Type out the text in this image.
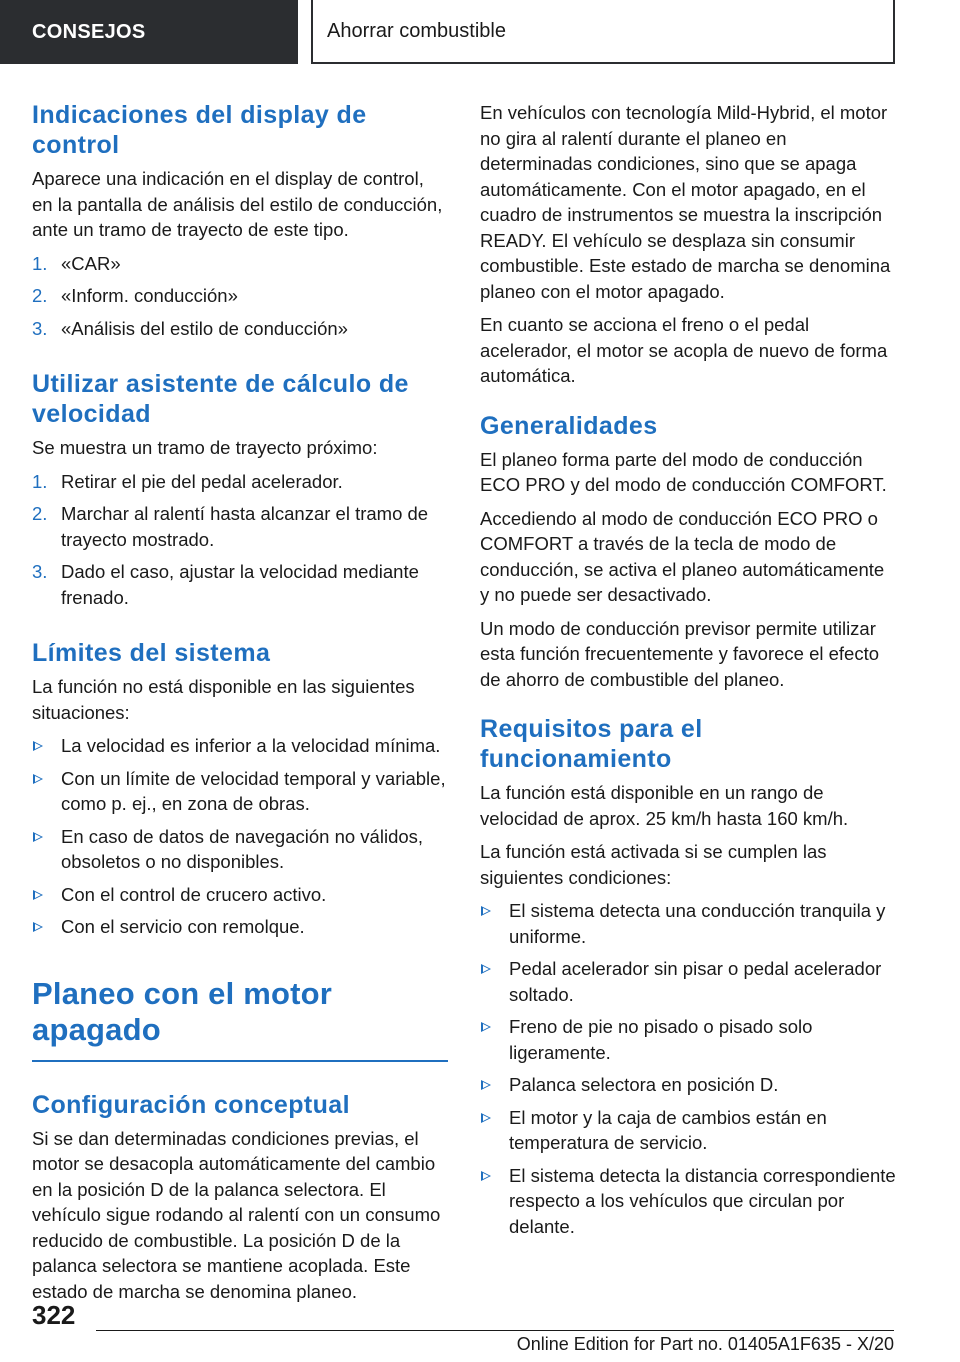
CONSEJOS	Ahorrar combustible
Indicaciones del display de control

Aparece una indicación en el display de control, en la pantalla de análisis del estilo de conducción, ante un tramo de trayecto de este tipo.

1. «CAR»
2. «Inform. conducción»
3. «Análisis del estilo de conducción»
Utilizar asistente de cálculo de velocidad

Se muestra un tramo de trayecto próximo:

1. Retirar el pie del pedal acelerador.
2. Marchar al ralentí hasta alcanzar el tramo de trayecto mostrado.
3. Dado el caso, ajustar la velocidad mediante frenado.
Límites del sistema

La función no está disponible en las siguientes situaciones:

La velocidad es inferior a la velocidad mínima.
Con un límite de velocidad temporal y variable, como p. ej., en zona de obras.
En caso de datos de navegación no válidos, obsoletos o no disponibles.
Con el control de crucero activo.
Con el servicio con remolque.
Planeo con el motor apagado
Configuración conceptual

Si se dan determinadas condiciones previas, el motor se desacopla automáticamente del cambio en la posición D de la palanca selectora. El vehículo sigue rodando al ralentí con un consumo reducido de combustible. La posición D de la palanca selectora se mantiene acoplada. Este estado de marcha se denomina planeo.

En vehículos con tecnología Mild-Hybrid, el motor no gira al ralentí durante el planeo en determinadas condiciones, sino que se apaga automáticamente. Con el motor apagado, en el cuadro de instrumentos se muestra la inscripción READY. El vehículo se desplaza sin consumir combustible. Este estado de marcha se denomina planeo con el motor apagado.

En cuanto se acciona el freno o el pedal acelerador, el motor se acopla de nuevo de forma automática.

Generalidades

El planeo forma parte del modo de conducción ECO PRO y del modo de conducción COMFORT.

Accediendo al modo de conducción ECO PRO o COMFORT a través de la tecla de modo de conducción, se activa el planeo automáticamente y no puede ser desactivado.

Un modo de conducción previsor permite utilizar esta función frecuentemente y favorece el efecto de ahorro de combustible del planeo.

Requisitos para el funcionamiento

La función está disponible en un rango de velocidad de aprox. 25 km/h hasta 160 km/h.

La función está activada si se cumplen las siguientes condiciones:

El sistema detecta una conducción tranquila y uniforme.
Pedal acelerador sin pisar o pedal acelerador soltado.
Freno de pie no pisado o pisado solo ligeramente.
Palanca selectora en posición D.
El motor y la caja de cambios están en temperatura de servicio.
El sistema detecta la distancia correspondiente respecto a los vehículos que circulan por delante.
322
Online Edition for Part no. 01405A1F635 - X/20
